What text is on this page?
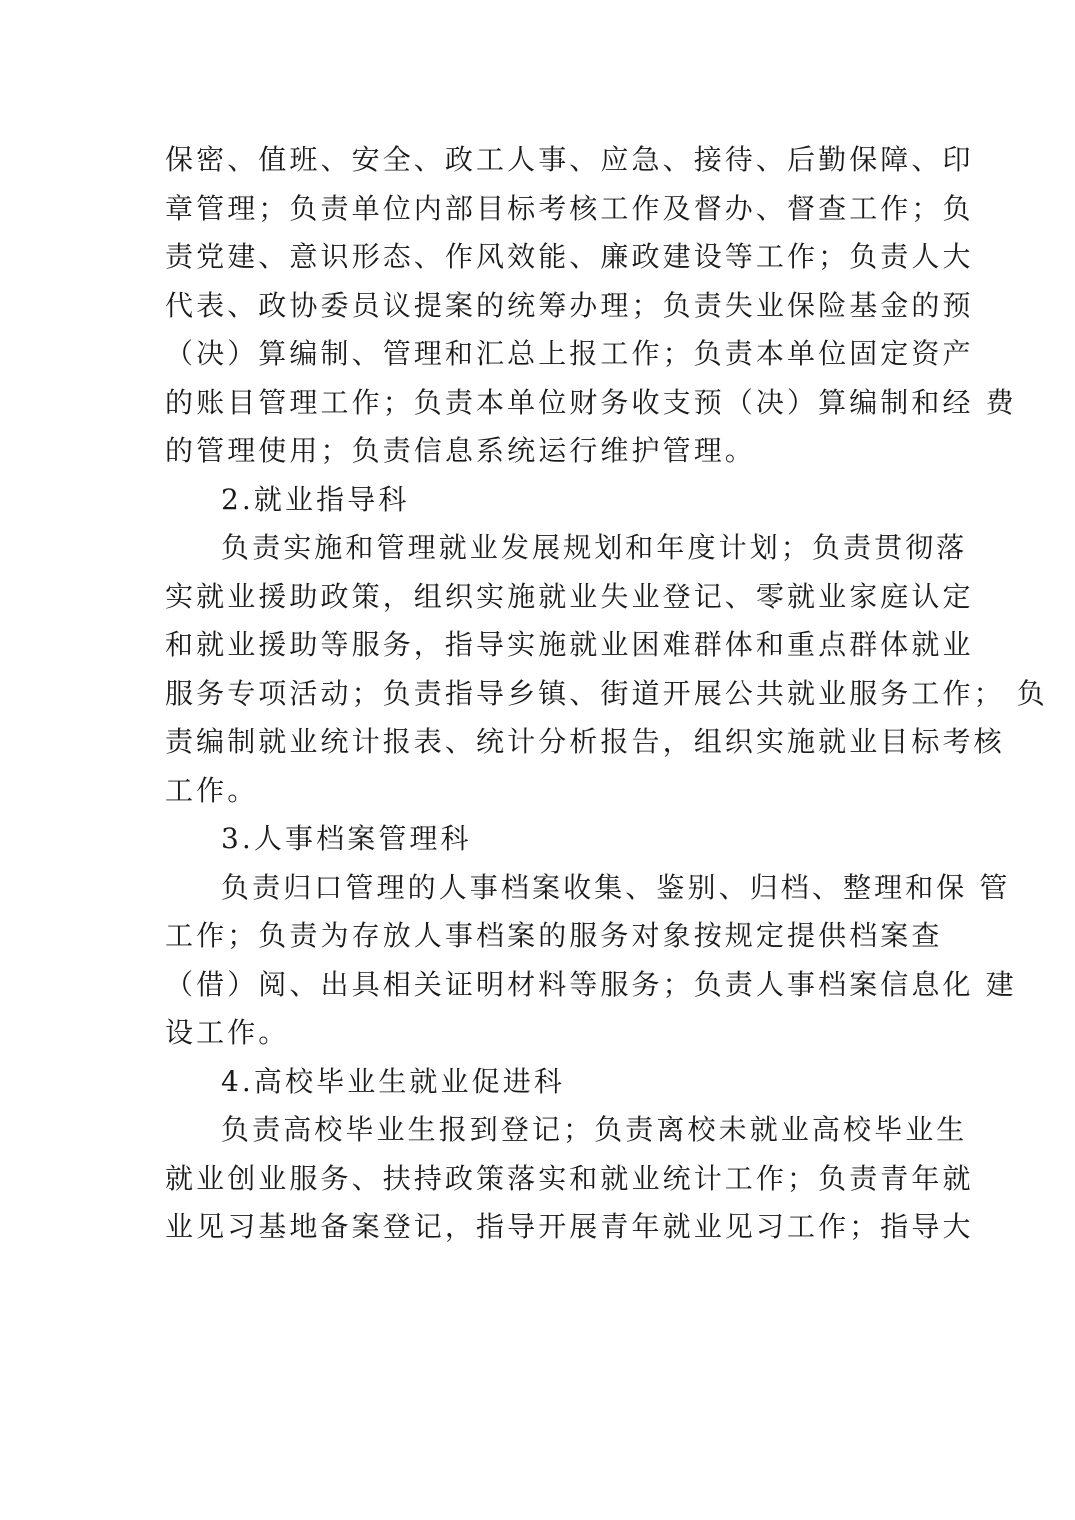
保密、值班、安全、政工人事、应急、接待、后勤保障、印
章管理；负责单位内部目标考核工作及督办、督查工作；负
责党建、意识形态、作风效能、廉政建设等工作；负责人大
代表、政协委员议提案的统筹办理；负责失业保险基金的预
（决）算编制、管理和汇总上报工作；负责本单位固定资产
的账目管理工作；负责本单位财务收支预（决）算编制和经 费
的管理使用；负责信息系统运行维护管理。
2.就业指导科
负责实施和管理就业发展规划和年度计划；负责贯彻落
实就业援助政策，组织实施就业失业登记、零就业家庭认定
和就业援助等服务，指导实施就业困难群体和重点群体就业
服务专项活动；负责指导乡镇、街道开展公共就业服务工作； 负
责编制就业统计报表、统计分析报告，组织实施就业目标考核
工作。
3.人事档案管理科
负责归口管理的人事档案收集、鉴别、归档、整理和保 管
工作；负责为存放人事档案的服务对象按规定提供档案查
（借）阅、出具相关证明材料等服务；负责人事档案信息化 建
设工作。
4.高校毕业生就业促进科
负责高校毕业生报到登记；负责离校未就业高校毕业生
就业创业服务、扶持政策落实和就业统计工作；负责青年就
业见习基地备案登记，指导开展青年就业见习工作；指导大
